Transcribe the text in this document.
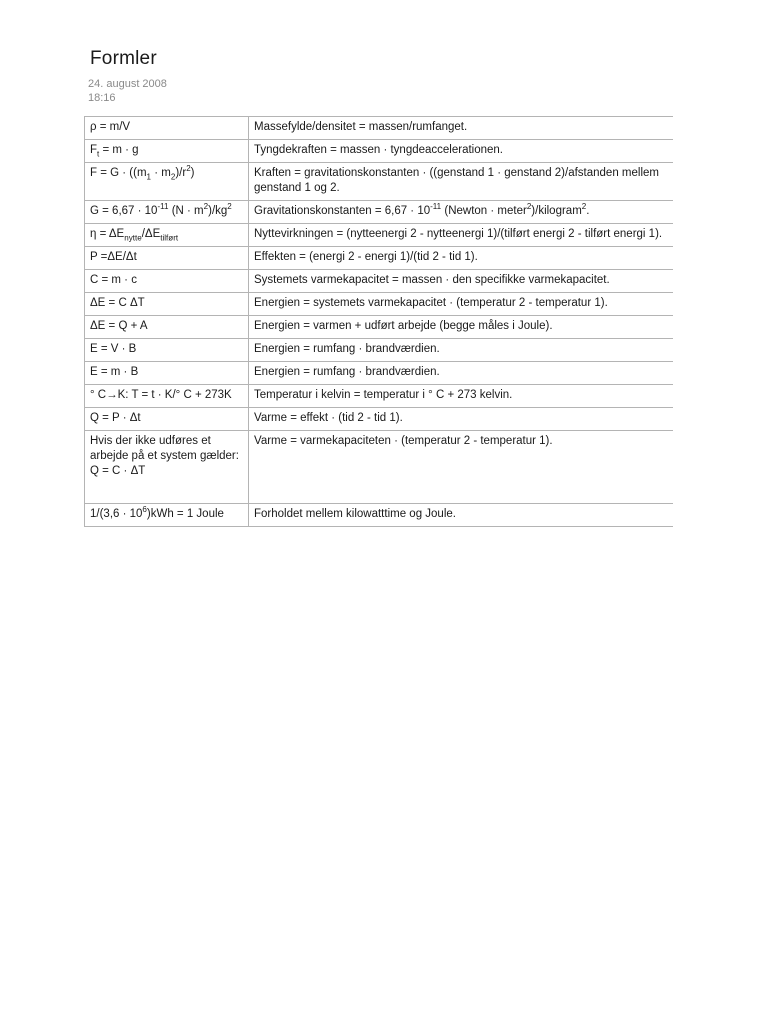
Formler
24. august 2008
18:16
ρ = m/V	Massefylde/densitet = massen/rumfanget.
$F_t = m \cdot g$	Tyngdekraften = massen · tyngdeaccelerationen.
$F = G \cdot ((m_1 \cdot m_2)/r^2)$	Kraften = gravitationskonstanten · ((genstand 1 · genstand 2)/afstanden mellem genstand 1 og 2.
$G = 6,67 \cdot 10^{-11}$ $(N \cdot m^2)/kg^2$	Gravitationskonstanten = $6,67 \cdot 10^{-11}$ (Newton · meter$^2$)/kilogram$^2$.
$\eta = \Delta E_{nytte}/\Delta E_{tilført}$	Nyttevirkningen = (nytteenergi 2 - nytteenergi 1)/(tilført energi 2 - tilført energi 1).
P =ΔE/Δt	Effekten = (energi 2 - energi 1)/(tid 2 - tid 1).
C = m · c	Systemets varmekapacitet = massen · den specifikke varmekapacitet.
ΔE = C ΔT	Energien = systemets varmekapacitet · (temperatur 2 - temperatur 1).
ΔE = Q + A	Energien = varmen + udført arbejde (begge måles i Joule).
E = V · B	Energien = rumfang · brandværdien.
E = m · B	Energien = rumfang · brandværdien.
° C→K: T = t · K/° C + 273K	Temperatur i kelvin = temperatur i ° C + 273 kelvin.
Q = P · Δt	Varme = effekt · (tid 2 - tid 1).
Hvis der ikke udføres et arbejde på et system gælder:
Q = C · ΔT	Varme = varmekapaciteten · (temperatur 2 - temperatur 1).
$1/(3,6 \cdot 10^6)kWh = 1$ Joule	Forholdet mellem kilowatttime og Joule.
